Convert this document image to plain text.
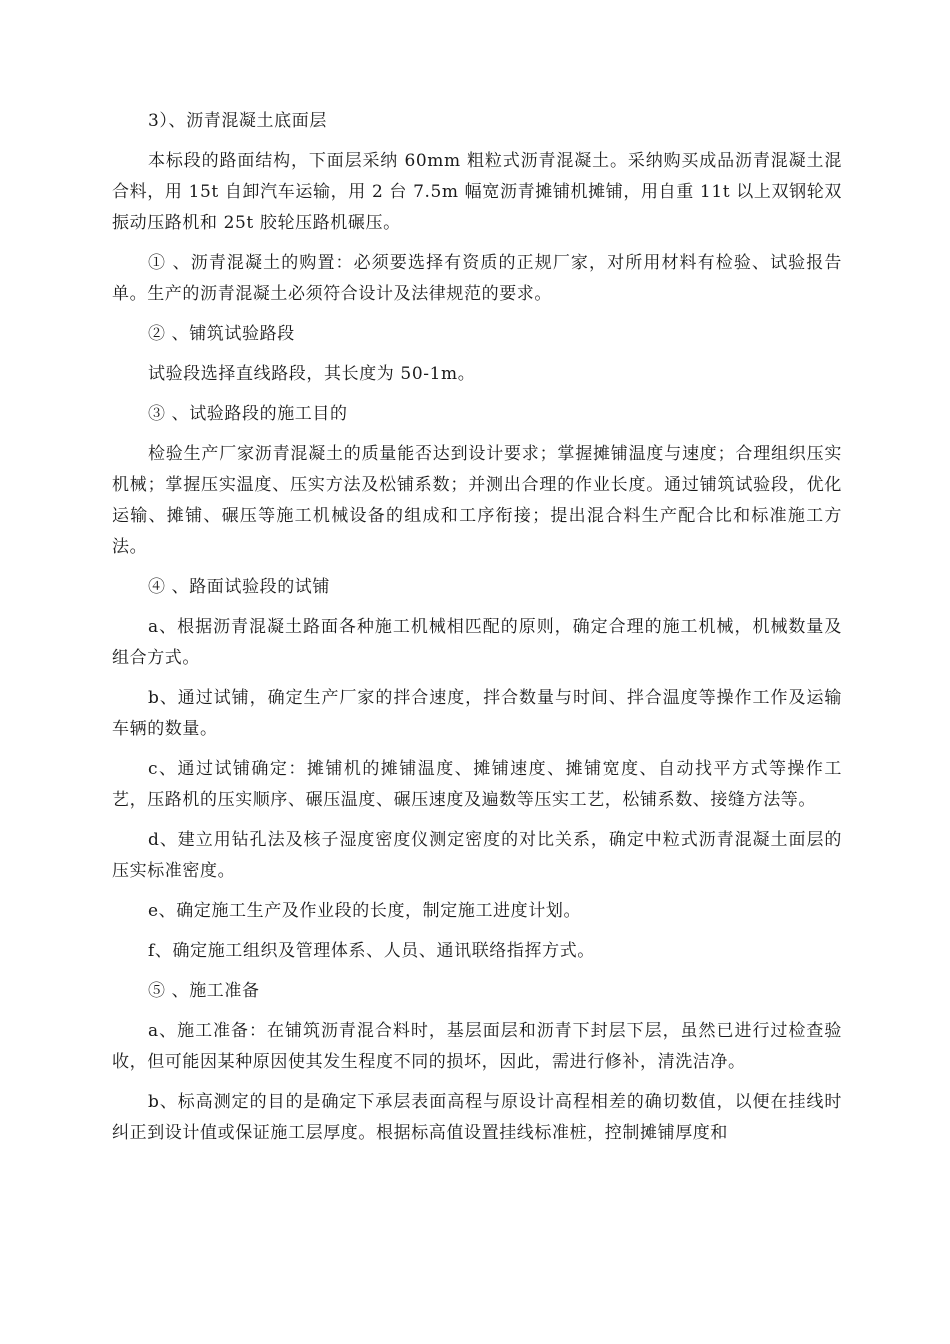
3）、沥青混凝土底面层

本标段的路面结构，下面层采纳 60mm 粗粒式沥青混凝土。采纳购买成品沥青混凝土混合料，用 15t 自卸汽车运输，用 2 台 7.5m 幅宽沥青摊铺机摊铺，用自重 11t 以上双钢轮双振动压路机和 25t 胶轮压路机碾压。

① 、沥青混凝土的购置：必须要选择有资质的正规厂家，对所用材料有检验、试验报告单。生产的沥青混凝土必须符合设计及法律规范的要求。

② 、铺筑试验路段

试验段选择直线路段，其长度为 50-1m。

③ 、试验路段的施工目的

检验生产厂家沥青混凝土的质量能否达到设计要求；掌握摊铺温度与速度；合理组织压实机械；掌握压实温度、压实方法及松铺系数；并测出合理的作业长度。通过铺筑试验段，优化运输、摊铺、碾压等施工机械设备的组成和工序衔接；提出混合料生产配合比和标准施工方法。

④ 、路面试验段的试铺

a、根据沥青混凝土路面各种施工机械相匹配的原则，确定合理的施工机械，机械数量及组合方式。

b、通过试铺，确定生产厂家的拌合速度，拌合数量与时间、拌合温度等操作工作及运输车辆的数量。

c、通过试铺确定：摊铺机的摊铺温度、摊铺速度、摊铺宽度、自动找平方式等操作工艺，压路机的压实顺序、碾压温度、碾压速度及遍数等压实工艺，松铺系数、接缝方法等。

d、建立用钻孔法及核子湿度密度仪测定密度的对比关系，确定中粒式沥青混凝土面层的压实标准密度。

e、确定施工生产及作业段的长度，制定施工进度计划。

f、确定施工组织及管理体系、人员、通讯联络指挥方式。

⑤ 、施工准备

a、施工准备：在铺筑沥青混合料时，基层面层和沥青下封层下层，虽然已进行过检查验收，但可能因某种原因使其发生程度不同的损坏，因此，需进行修补，清洗洁净。

b、标高测定的目的是确定下承层表面高程与原设计高程相差的确切数值，以便在挂线时纠正到设计值或保证施工层厚度。根据标高值设置挂线标准桩，控制摊铺厚度和
